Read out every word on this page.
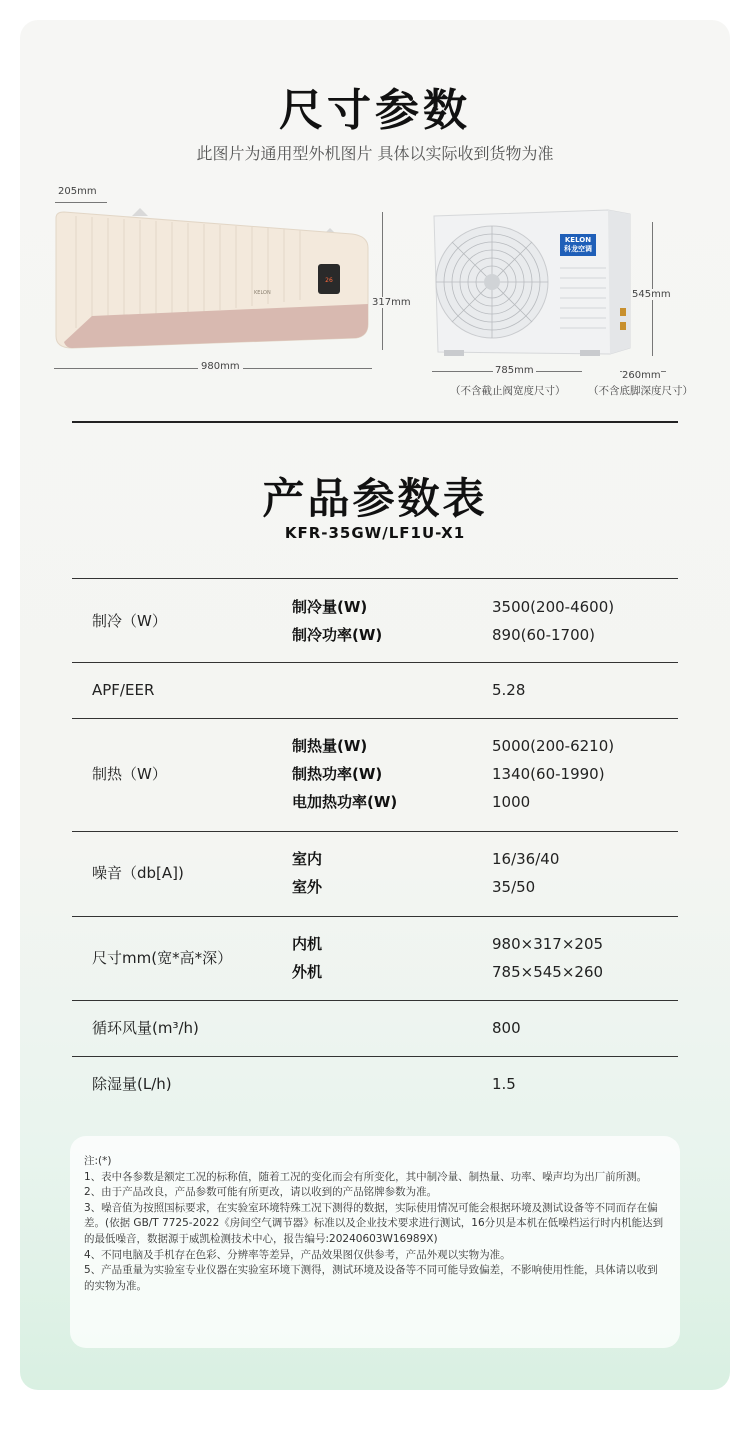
尺寸参数
此图片为通用型外机图片 具体以实际收到货物为准
205mm
26
KELON
317mm
980mm
KELON
科龙空调
545mm
785mm
（不含截止阀宽度尺寸）
260mm
（不含底脚深度尺寸）
产品参数表
KFR-35GW/LF1U-X1
制冷（W）
制冷量(W)	3500(200-4600)
制冷功率(W)	890(60-1700)
APF/EER	5.28
制热（W）
制热量(W)	5000(200-6210)
制热功率(W)	1340(60-1990)
电加热功率(W)	1000
噪音（db[A])
室内	16/36/40
室外	35/50
尺寸mm(宽*高*深）
内机	980×317×205
外机	785×545×260
循环风量(m³/h)	800
除湿量(L/h)	1.5

注:(*)

1、表中各参数是额定工况的标称值，随着工况的变化而会有所变化，其中制冷量、制热量、功率、噪声均为出厂前所测。

2、由于产品改良，产品参数可能有所更改，请以收到的产品铭牌参数为准。

3、噪音值为按照国标要求，在实验室环境特殊工况下测得的数据，实际使用情况可能会根据环境及测试设备等不同而存在偏差。(依据 GB/T 7725-2022《房间空气调节器》标准以及企业技术要求进行测试，16分贝是本机在低噪档运行时内机能达到的最低噪音，数据源于威凯检测技术中心，报告编号:20240603W16989X)

4、不同电脑及手机存在色彩、分辨率等差异，产品效果图仅供参考，产品外观以实物为准。

5、产品重量为实验室专业仪器在实验室环境下测得，测试环境及设备等不同可能导致偏差，不影响使用性能，具体请以收到的实物为准。
